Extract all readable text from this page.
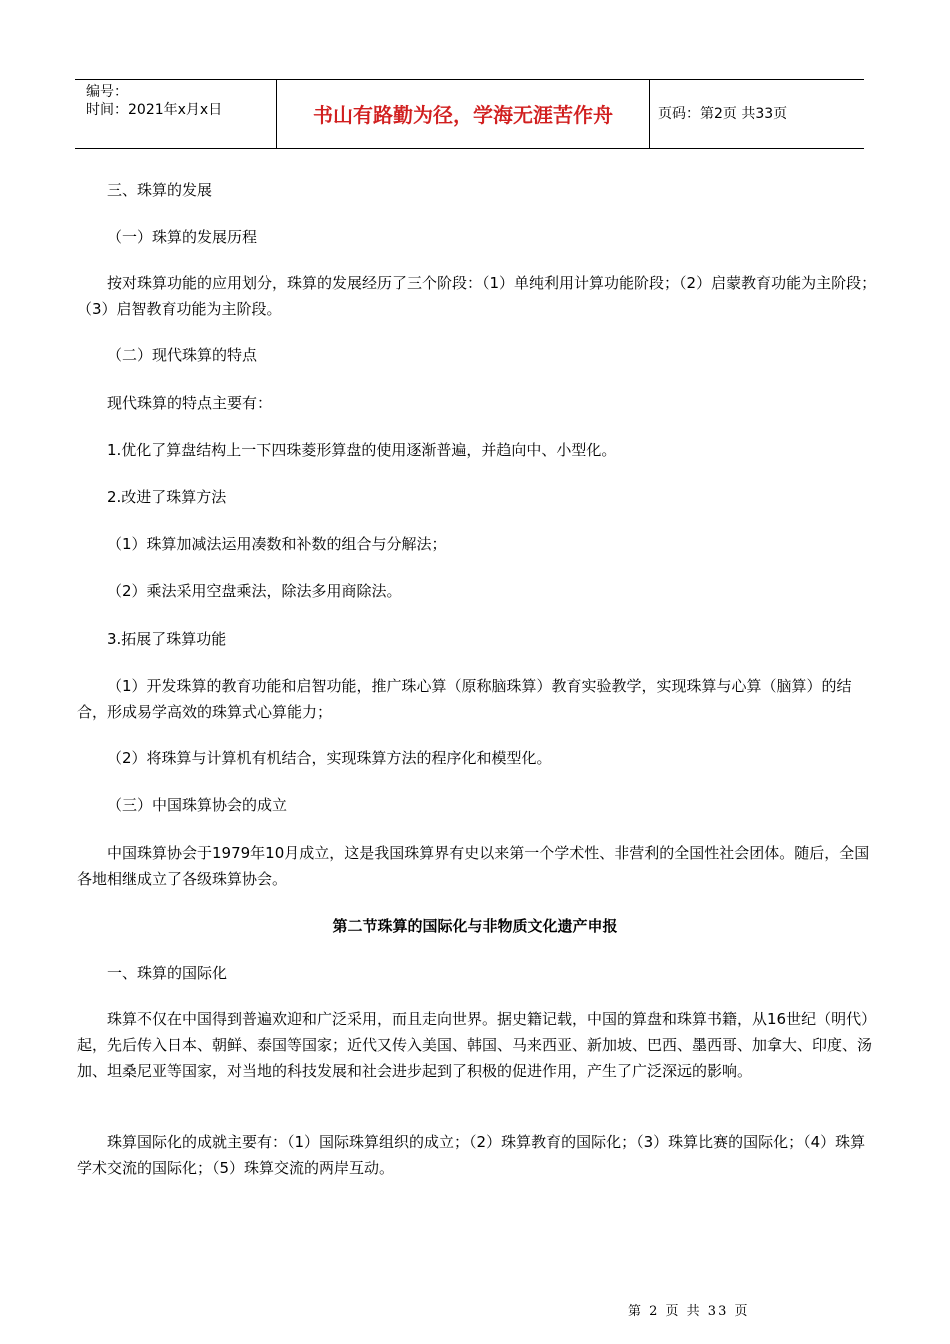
编号：
时间：2021年x月x日	书山有路勤为径，学海无涯苦作舟	页码：第2页 共33页
三、珠算的发展
（一）珠算的发展历程
按对珠算功能的应用划分，珠算的发展经历了三个阶段：（1）单纯利用计算功能阶段；（2）启蒙教育功能为主阶段；（3）启智教育功能为主阶段。
（二）现代珠算的特点
现代珠算的特点主要有：
1.优化了算盘结构上一下四珠菱形算盘的使用逐渐普遍，并趋向中、小型化。
2.改进了珠算方法
（1）珠算加减法运用凑数和补数的组合与分解法；
（2）乘法采用空盘乘法，除法多用商除法。
3.拓展了珠算功能
（1）开发珠算的教育功能和启智功能，推广珠心算（原称脑珠算）教育实验教学，实现珠算与心算（脑算）的结合，形成易学高效的珠算式心算能力；
（2）将珠算与计算机有机结合，实现珠算方法的程序化和模型化。
（三）中国珠算协会的成立
中国珠算协会于1979年10月成立，这是我国珠算界有史以来第一个学术性、非营利的全国性社会团体。随后，全国各地相继成立了各级珠算协会。
第二节珠算的国际化与非物质文化遗产申报
一、珠算的国际化
珠算不仅在中国得到普遍欢迎和广泛采用，而且走向世界。据史籍记载，中国的算盘和珠算书籍，从16世纪（明代）起，先后传入日本、朝鲜、泰国等国家；近代又传入美国、韩国、马来西亚、新加坡、巴西、墨西哥、加拿大、印度、汤加、坦桑尼亚等国家，对当地的科技发展和社会进步起到了积极的促进作用，产生了广泛深远的影响。
珠算国际化的成就主要有：（1）国际珠算组织的成立；（2）珠算教育的国际化；（3）珠算比赛的国际化；（4）珠算学术交流的国际化；（5）珠算交流的两岸互动。
第 2 页 共 33 页
